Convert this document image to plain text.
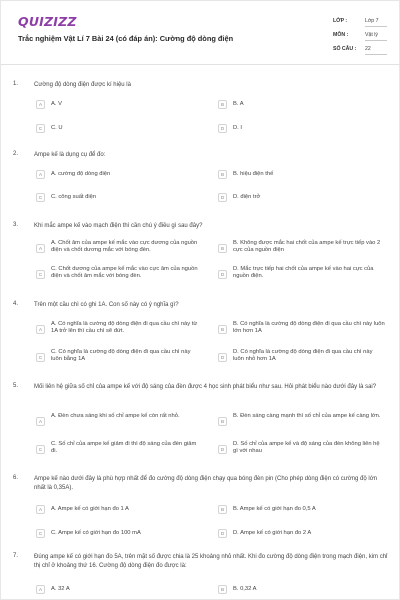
QUIZIZZ
Trắc nghiệm Vật Lí 7 Bài 24 (có đáp án): Cường độ dòng điện
LỚP :	Lớp 7
MÔN :	Vật lý
SỐ CÂU : 22
1.	Cường độ dòng điện được kí hiệu là
A	A. V	B	B. A
C	C. U	D	D. I
2.	Ampe kế là dụng cụ để đo:
A	A. cường độ dòng điện	B	B. hiệu điện thế
C	C. công suất điện	D	D. điện trở
3.	Khi mắc ampe kế vào mạch điện thì cần chú ý điều gì sau đây?
A
A. Chốt âm của ampe kế mắc vào cực dương của nguồn điện và chốt dương mắc với bóng đèn.	B
B. Không được mắc hai chốt của ampe kế trực tiếp vào 2 cực của nguồn điện
C
C. Chốt dương của ampe kế mắc vào cực âm của nguồn điện và chốt âm mắc với bóng đèn.	D
D. Mắc trực tiếp hai chốt của ampe kế vào hai cực của nguồn điện.
4.	Trên một cầu chì có ghi 1A. Con số này có ý nghĩa gì?
A
A. Có nghĩa là cường độ dòng điện đi qua cầu chì này từ 1A trở lên thì cầu chì sẽ đứt.	B
B. Có nghĩa là cường độ dòng điện đi qua cầu chì này luôn lớn hơn 1A
C
C. Có nghĩa là cường độ dòng điện đi qua cầu chì này luôn bằng 1A	D
D. Có nghĩa là cường độ dòng điện đi qua cầu chì này luôn nhỏ hơn 1A
5.	Mối liên hệ giữa số chỉ của ampe kế với độ sáng của đèn được 4 học sinh phát biểu như sau. Hỏi phát biểu nào dưới đây là sai?
A
A. Đèn chưa sáng khi số chỉ ampe kế còn rất nhỏ.
B
B. Đèn sáng càng mạnh thì số chỉ của ampe kế càng lớn.
C
C. Số chỉ của ampe kế giảm đi thì độ sáng của đèn giảm đi.	D
D. Số chỉ của ampe kế và độ sáng của đèn không liên hệ gì với nhau
6.	Ampe kế nào dưới đây là phù hợp nhất để đo cường độ dòng điện chạy qua bóng đèn pin (Cho phép dòng điện có cường độ lớn nhất là 0,35A).
A	A. Ampe kế có giới hạn đo 1 A	B	B. Ampe kế có giới hạn đo 0,5 A
C	C. Ampe kế có giới hạn đo 100 mA	D	D. Ampe kế có giới hạn đo 2 A
7.	Đúng ampe kế có giới hạn đo 5A, trên mặt số được chia là 25 khoảng nhỏ nhất. Khi đo cường độ dòng điện trong mạch điện, kim chỉ thị chỉ ở khoảng thứ 16. Cường độ dòng điện đo được là:
A	A. 32 A	B	B. 0,32 A
